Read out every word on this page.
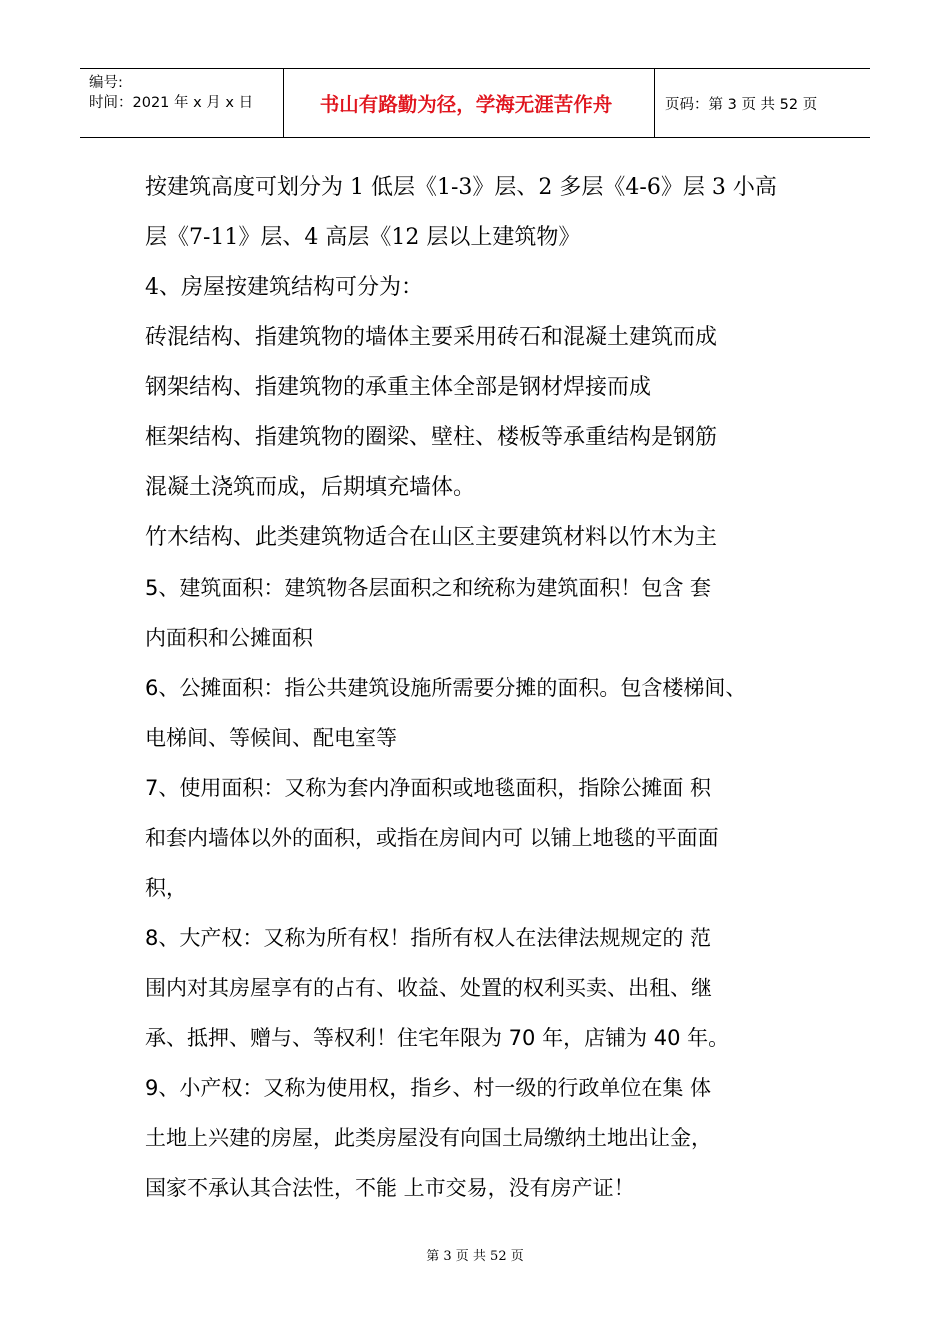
编号:
时间：2021 年 x 月 x 日	书山有路勤为径，学海无涯苦作舟	页码：第 3 页 共 52 页
按建筑高度可划分为 1 低层《1-3》层、2 多层《4-6》层 3 小高
层《7-11》层、4 高层《12 层以上建筑物》
4、房屋按建筑结构可分为：
砖混结构、指建筑物的墙体主要采用砖石和混凝土建筑而成
钢架结构、指建筑物的承重主体全部是钢材焊接而成
框架结构、指建筑物的圈梁、壁柱、楼板等承重结构是钢筋
混凝土浇筑而成，后期填充墙体。
竹木结构、此类建筑物适合在山区主要建筑材料以竹木为主
5、建筑面积：建筑物各层面积之和统称为建筑面积！包含 套
内面积和公摊面积
6、公摊面积：指公共建筑设施所需要分摊的面积。包含楼梯间、
电梯间、等候间、配电室等
7、使用面积：又称为套内净面积或地毯面积，指除公摊面 积
和套内墙体以外的面积，或指在房间内可 以铺上地毯的平面面
积，
8、大产权：又称为所有权！指所有权人在法律法规规定的 范
围内对其房屋享有的占有、收益、处置的权利买卖、出租、继
承、抵押、赠与、等权利！住宅年限为 70 年，店铺为 40 年。
9、小产权：又称为使用权，指乡、村一级的行政单位在集 体
土地上兴建的房屋，此类房屋没有向国土局缴纳土地出让金，
国家不承认其合法性，不能 上市交易，没有房产证！
第 3 页 共 52 页
